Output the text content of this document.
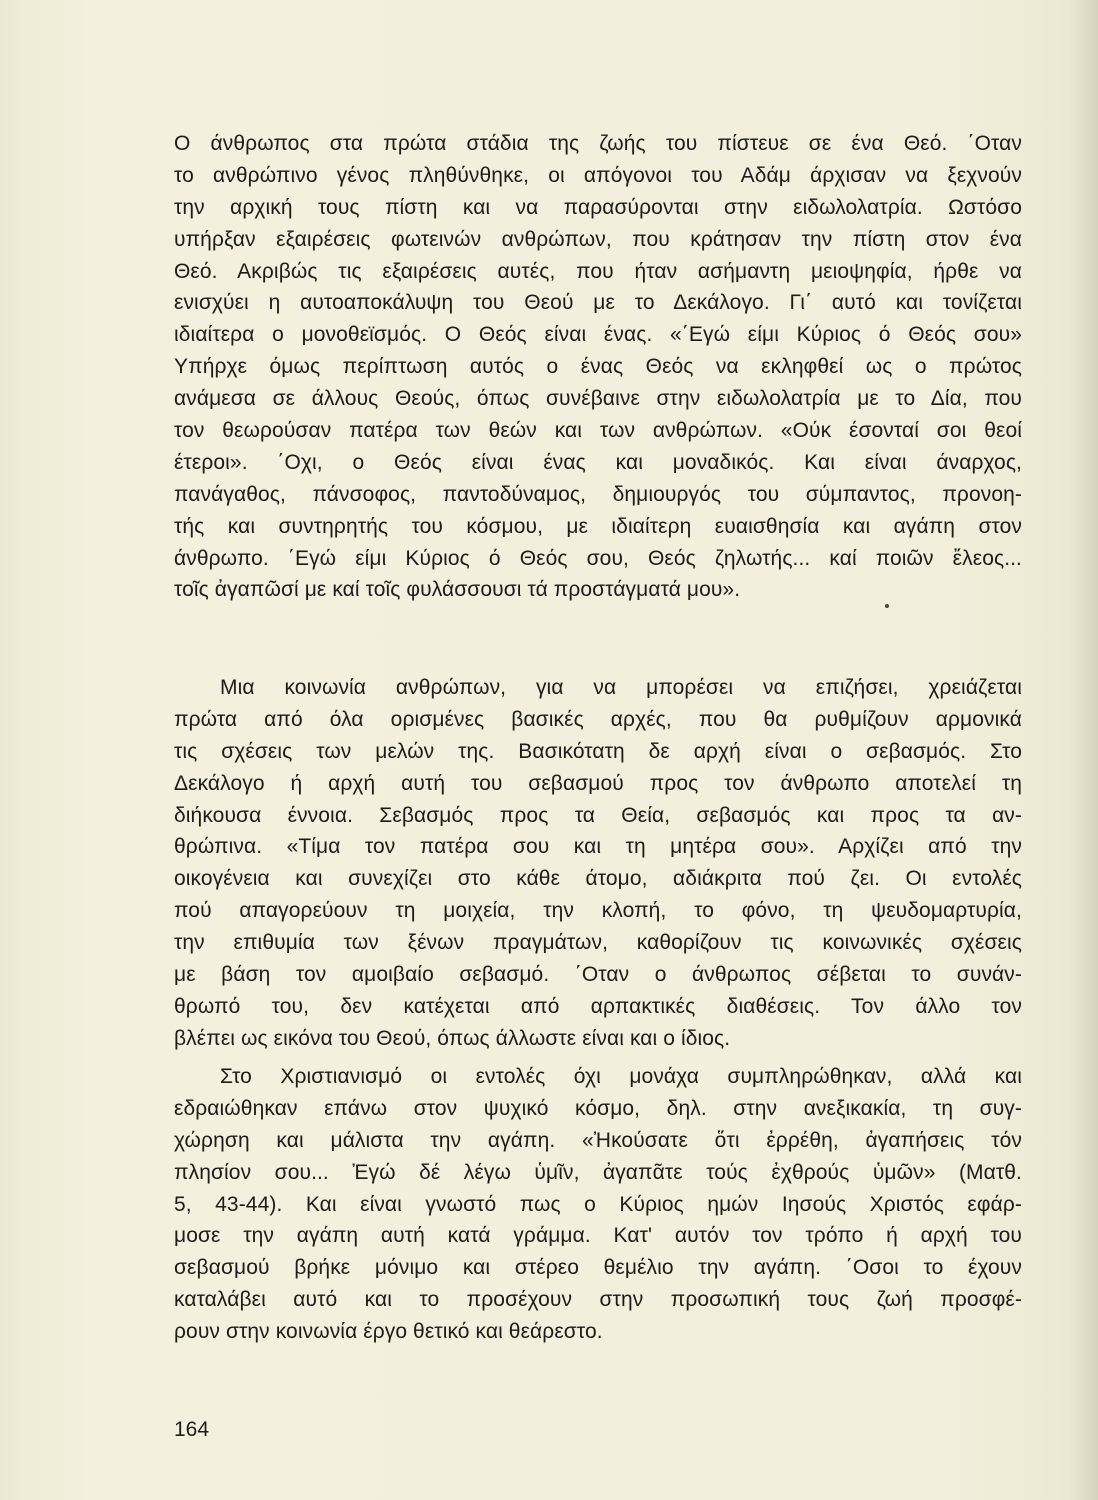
Ο άνθρωπος στα πρώτα στάδια της ζωής του πίστευε σε ένα Θεό. ΄Οταν
το ανθρώπινο γένος πληθύνθηκε, οι απόγονοι του Αδάμ άρχισαν να ξεχνούν
την αρχική τους πίστη και να παρασύρονται στην ειδωλολατρία. Ωστόσο
υπήρξαν εξαιρέσεις φωτεινών ανθρώπων, που κράτησαν την πίστη στον ένα
Θεό. Ακριβώς τις εξαιρέσεις αυτές, που ήταν ασήμαντη μειοψηφία, ήρθε να
ενισχύει η αυτοαποκάλυψη του Θεού με το Δεκάλογο. Γι΄ αυτό και τονίζεται
ιδιαίτερα ο μονοθεϊσμός. Ο Θεός είναι ένας. «΄Εγώ είμι Κύριος ό Θεός σου»
Υπήρχε όμως περίπτωση αυτός ο ένας Θεός να εκληφθεί ως ο πρώτος
ανάμεσα σε άλλους Θεούς, όπως συνέβαινε στην ειδωλολατρία με το Δία, που
τον θεωρούσαν πατέρα των θεών και των ανθρώπων. «Ούκ έσονταί σοι θεοί
έτεροι». ΄Οχι, ο Θεός είναι ένας και μοναδικός. Και είναι άναρχος,
πανάγαθος, πάνσοφος, παντοδύναμος, δημιουργός του σύμπαντος, προνοη-
τής και συντηρητής του κόσμου, με ιδιαίτερη ευαισθησία και αγάπη στον
άνθρωπο. ΄Εγώ είμι Κύριος ό Θεός σου, Θεός ζηλωτής... καί ποιῶν ἔλεος...
τοῖς ἀγαπῶσί με καί τοῖς φυλάσσουσι τά προστάγματά μου».
Μια κοινωνία ανθρώπων, για να μπορέσει να επιζήσει, χρειάζεται
πρώτα από όλα ορισμένες βασικές αρχές, που θα ρυθμίζουν αρμονικά
τις σχέσεις των μελών της. Βασικότατη δε αρχή είναι ο σεβασμός. Στο
Δεκάλογο ή αρχή αυτή του σεβασμού προς τον άνθρωπο αποτελεί τη
διήκουσα έννοια. Σεβασμός προς τα Θεία, σεβασμός και προς τα αν-
θρώπινα. «Τίμα τον πατέρα σου και τη μητέρα σου». Αρχίζει από την
οικογένεια και συνεχίζει στο κάθε άτομο, αδιάκριτα πού ζει. Οι εντολές
πού απαγορεύουν τη μοιχεία, την κλοπή, το φόνο, τη ψευδομαρτυρία,
την επιθυμία των ξένων πραγμάτων, καθορίζουν τις κοινωνικές σχέσεις
με βάση τον αμοιβαίο σεβασμό. ΄Οταν ο άνθρωπος σέβεται το συνάν-
θρωπό του, δεν κατέχεται από αρπακτικές διαθέσεις. Τον άλλο τον
βλέπει ως εικόνα του Θεού, όπως άλλωστε είναι και ο ίδιος.
Στο Χριστιανισμό οι εντολές όχι μονάχα συμπληρώθηκαν, αλλά και
εδραιώθηκαν επάνω στον ψυχικό κόσμο, δηλ. στην ανεξικακία, τη συγ-
χώρηση και μάλιστα την αγάπη. «Ἠκούσατε ὅτι ἐρρέθη, ἀγαπήσεις τόν
πλησίον σου... Ἐγώ δέ λέγω ὑμῖν, ἀγαπᾶτε τούς ἐχθρούς ὑμῶν» (Ματθ.
5, 43-44). Και είναι γνωστό πως ο Κύριος ημών Ιησούς Χριστός εφάρ-
μοσε την αγάπη αυτή κατά γράμμα. Κατ' αυτόν τον τρόπο ή αρχή του
σεβασμού βρήκε μόνιμο και στέρεο θεμέλιο την αγάπη. ΄Οσοι το έχουν
καταλάβει αυτό και το προσέχουν στην προσωπική τους ζωή προσφέ-
ρουν στην κοινωνία έργο θετικό και θεάρεστο.
164
